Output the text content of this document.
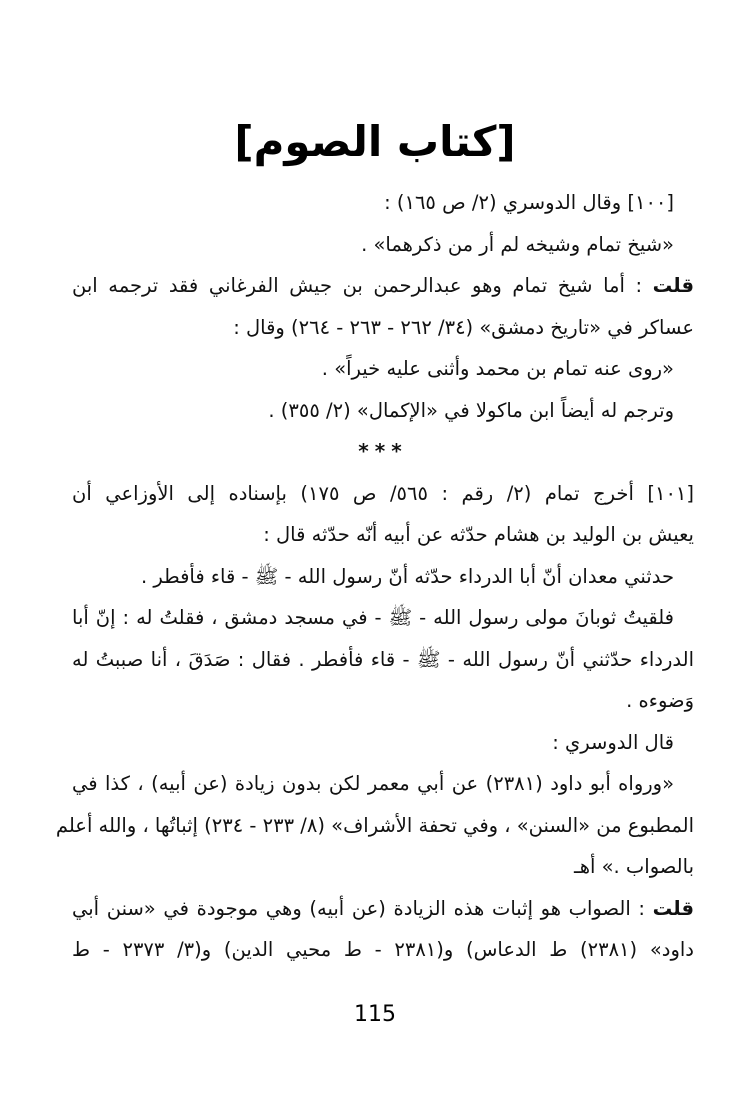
[كتاب الصوم]
[١٠٠] وقال الدوسري (٢/ ص ١٦٥) :
«شيخ تمام وشيخه لم أر من ذكرهما» .
قلت : أما شيخ تمام وهو عبدالرحمن بن جيش الفرغاني فقد ترجمه ابن
عساكر في «تاريخ دمشق» (٣٤/ ٢٦٢ - ٢٦٣ - ٢٦٤) وقال :
«روى عنه تمام بن محمد وأثنى عليه خيراً» .
وترجم له أيضاً ابن ماكولا في «الإكمال» (٢/ ٣٥٥) .
***
[١٠١] أخرج تمام (٢/ رقم : ٥٦٥/ ص ١٧٥) بإسناده إلى الأوزاعي أن
يعيش بن الوليد بن هشام حدّثه عن أبيه أنّه حدّثه قال :
حدثني معدان أنّ أبا الدرداء حدّثه أنّ رسول الله - ﷺ - قاء فأفطر .
فلقيتُ ثوبانَ مولى رسول الله - ﷺ - في مسجد دمشق ، فقلتُ له : إنّ أبا
الدرداء حدّثني أنّ رسول الله - ﷺ - قاء فأفطر . فقال : صَدَقَ ، أنا صببتُ له
وَضوءه .
قال الدوسري :
«ورواه أبو داود (٢٣٨١) عن أبي معمر لكن بدون زيادة (عن أبيه) ، كذا في
المطبوع من «السنن» ، وفي تحفة الأشراف» (٨/ ٢٣٣ - ٢٣٤) إثباتُها ، والله أعلم
بالصواب .» أهـ
قلت : الصواب هو إثبات هذه الزيادة (عن أبيه) وهي موجودة في «سنن أبي
داود» (٢٣٨١) ط الدعاس) و(٢٣٨١ - ط محيي الدين) و(٣/ ٢٣٧٣ - ط
115
